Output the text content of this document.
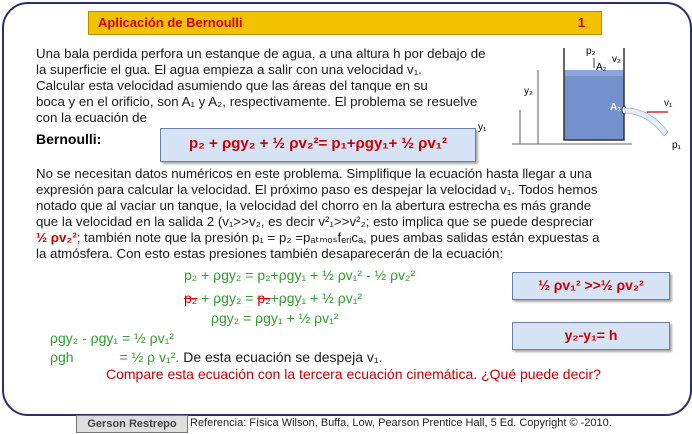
Aplicación de Bernoulli	1
Una bala perdida perfora un estanque de agua, a una altura h por debajo de
la superficie el gua. El agua empieza a salir con una velocidad v₁.
Calcular esta velocidad asumiendo que las áreas del tanque en su
boca y en el orificio, son A₁ y A₂, respectivamente. El problema se resuelve
con la ecuación de
Bernoulli:	p₂ + ρgy₂ + ½ ρv₂²= p₁+ρgy₁+ ½ ρv₁²
p₂
v₂
A₂
y₂
A₁	v₁
y₁
p₁
No se necesitan datos numéricos en este problema. Simplifique la ecuación hasta llegar a una
expresión para calcular la velocidad. El próximo paso es despejar la velocidad v₁. Todos hemos
notado que al vaciar un tanque, la velocidad del chorro en la abertura estrecha es más grande
que la velocidad en la salida 2 (v₁>>v₂, es decir v²₁>>v²₂; esto implica que se puede despreciar
½ ρv₂²; también note que la presión p₁ = p₂ =pₐₜₘₒₛfₑᵣᵢcₐ, pues ambas salidas están expuestas a
la atmósfera. Con esto estas presiones también desaparecerán de la ecuación:
p₂ + ρgy₂ = p₂+ρgy₁ + ½ ρv₁² - ½ ρv₂²
p₂ + ρgy₂ = p₂+ρgy₁ + ½ ρv₁²
ρgy₂ = ρgy₁ + ½ ρv₁²
ρgy₂ - ρgy₁ = ½ ρv₁²
ρgh	= ½ ρ v₁². De esta ecuación se despeja v₁.
½ ρv₁² >>½ ρv₂²
y₂-y₁= h
Compare esta ecuación con la tercera ecuación cinemática. ¿Qué puede decir?
Gerson Restrepo	Referencia: Física Wilson, Buffa, Low, Pearson Prentice Hall, 5 Ed. Copyright © -2010.
